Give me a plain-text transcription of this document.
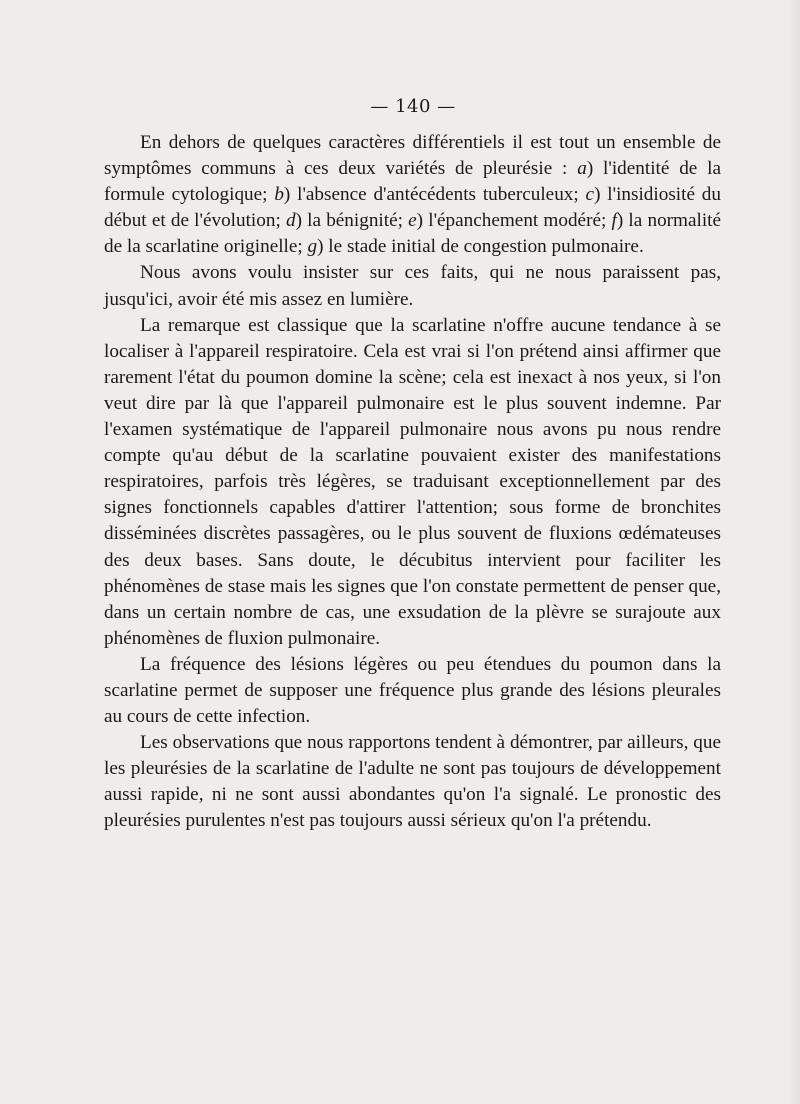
— 140 —

En dehors de quelques caractères différentiels il est tout un ensemble de symptômes communs à ces deux variétés de pleurésie : a) l'identité de la formule cytologique; b) l'absence d'antécédents tuberculeux; c) l'insidiosité du début et de l'évolution; d) la bénignité; e) l'épanchement modéré; f) la normalité de la scarlatine originelle; g) le stade initial de congestion pulmonaire.

Nous avons voulu insister sur ces faits, qui ne nous paraissent pas, jusqu'ici, avoir été mis assez en lumière.

La remarque est classique que la scarlatine n'offre aucune tendance à se localiser à l'appareil respiratoire. Cela est vrai si l'on prétend ainsi affirmer que rarement l'état du poumon domine la scène; cela est inexact à nos yeux, si l'on veut dire par là que l'appareil pulmonaire est le plus souvent indemne. Par l'examen systématique de l'appareil pulmonaire nous avons pu nous rendre compte qu'au début de la scarlatine pouvaient exister des manifestations respiratoires, parfois très légères, se traduisant exceptionnellement par des signes fonctionnels capables d'attirer l'attention; sous forme de bronchites disséminées discrètes passagères, ou le plus souvent de fluxions œdémateuses des deux bases. Sans doute, le décubitus intervient pour faciliter les phénomènes de stase mais les signes que l'on constate permettent de penser que, dans un certain nombre de cas, une exsudation de la plèvre se surajoute aux phénomènes de fluxion pulmonaire.

La fréquence des lésions légères ou peu étendues du poumon dans la scarlatine permet de supposer une fréquence plus grande des lésions pleurales au cours de cette infection.

Les observations que nous rapportons tendent à démontrer, par ailleurs, que les pleurésies de la scarlatine de l'adulte ne sont pas toujours de développement aussi rapide, ni ne sont aussi abondantes qu'on l'a signalé. Le pronostic des pleurésies purulentes n'est pas toujours aussi sérieux qu'on l'a prétendu.
